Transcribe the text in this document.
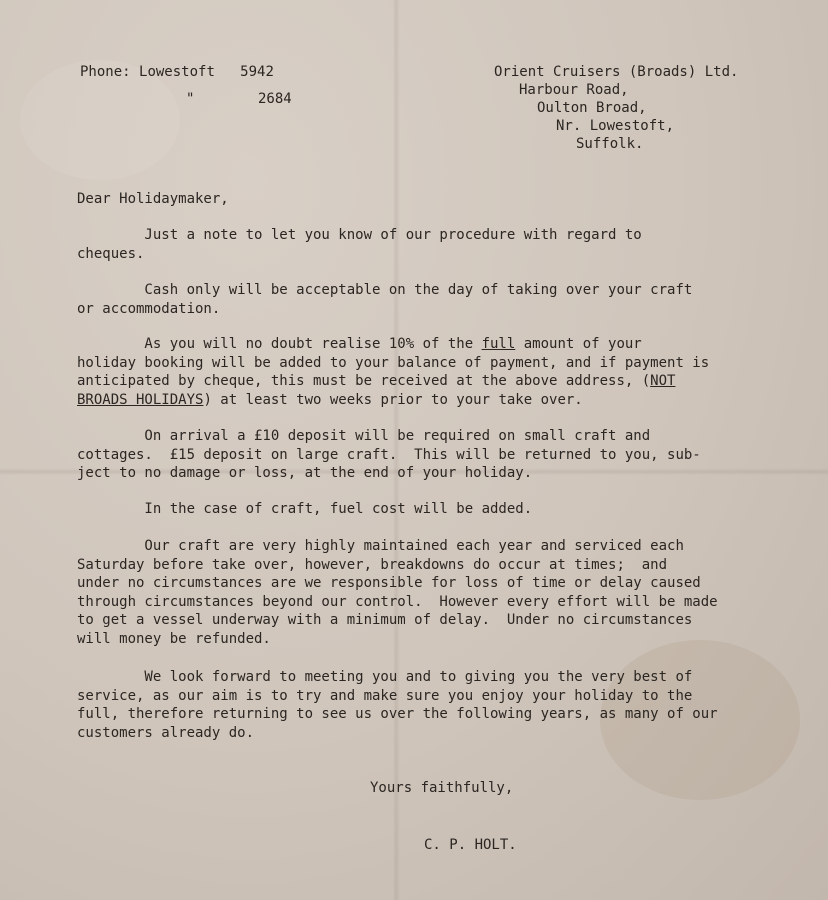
Phone: Lowestoft 5942
"	2684
Orient Cruisers (Broads) Ltd.
Harbour Road,
Oulton Broad,
Nr. Lowestoft,
Suffolk.
Dear Holidaymaker,
Just a note to let you know of our procedure with regard to
cheques.
Cash only will be acceptable on the day of taking over your craft
or accommodation.
As you will no doubt realise 10% of the full amount of your
holiday booking will be added to your balance of payment, and if payment is
anticipated by cheque, this must be received at the above address, (NOT
BROADS HOLIDAYS) at least two weeks prior to your take over.
On arrival a £10 deposit will be required on small craft and
cottages.  £15 deposit on large craft.  This will be returned to you, sub-
ject to no damage or loss, at the end of your holiday.
In the case of craft, fuel cost will be added.
Our craft are very highly maintained each year and serviced each
Saturday before take over, however, breakdowns do occur at times;  and
under no circumstances are we responsible for loss of time or delay caused
through circumstances beyond our control.  However every effort will be made
to get a vessel underway with a minimum of delay.  Under no circumstances
will money be refunded.
We look forward to meeting you and to giving you the very best of
service, as our aim is to try and make sure you enjoy your holiday to the
full, therefore returning to see us over the following years, as many of our
customers already do.
Yours faithfully,
C. P. HOLT.
